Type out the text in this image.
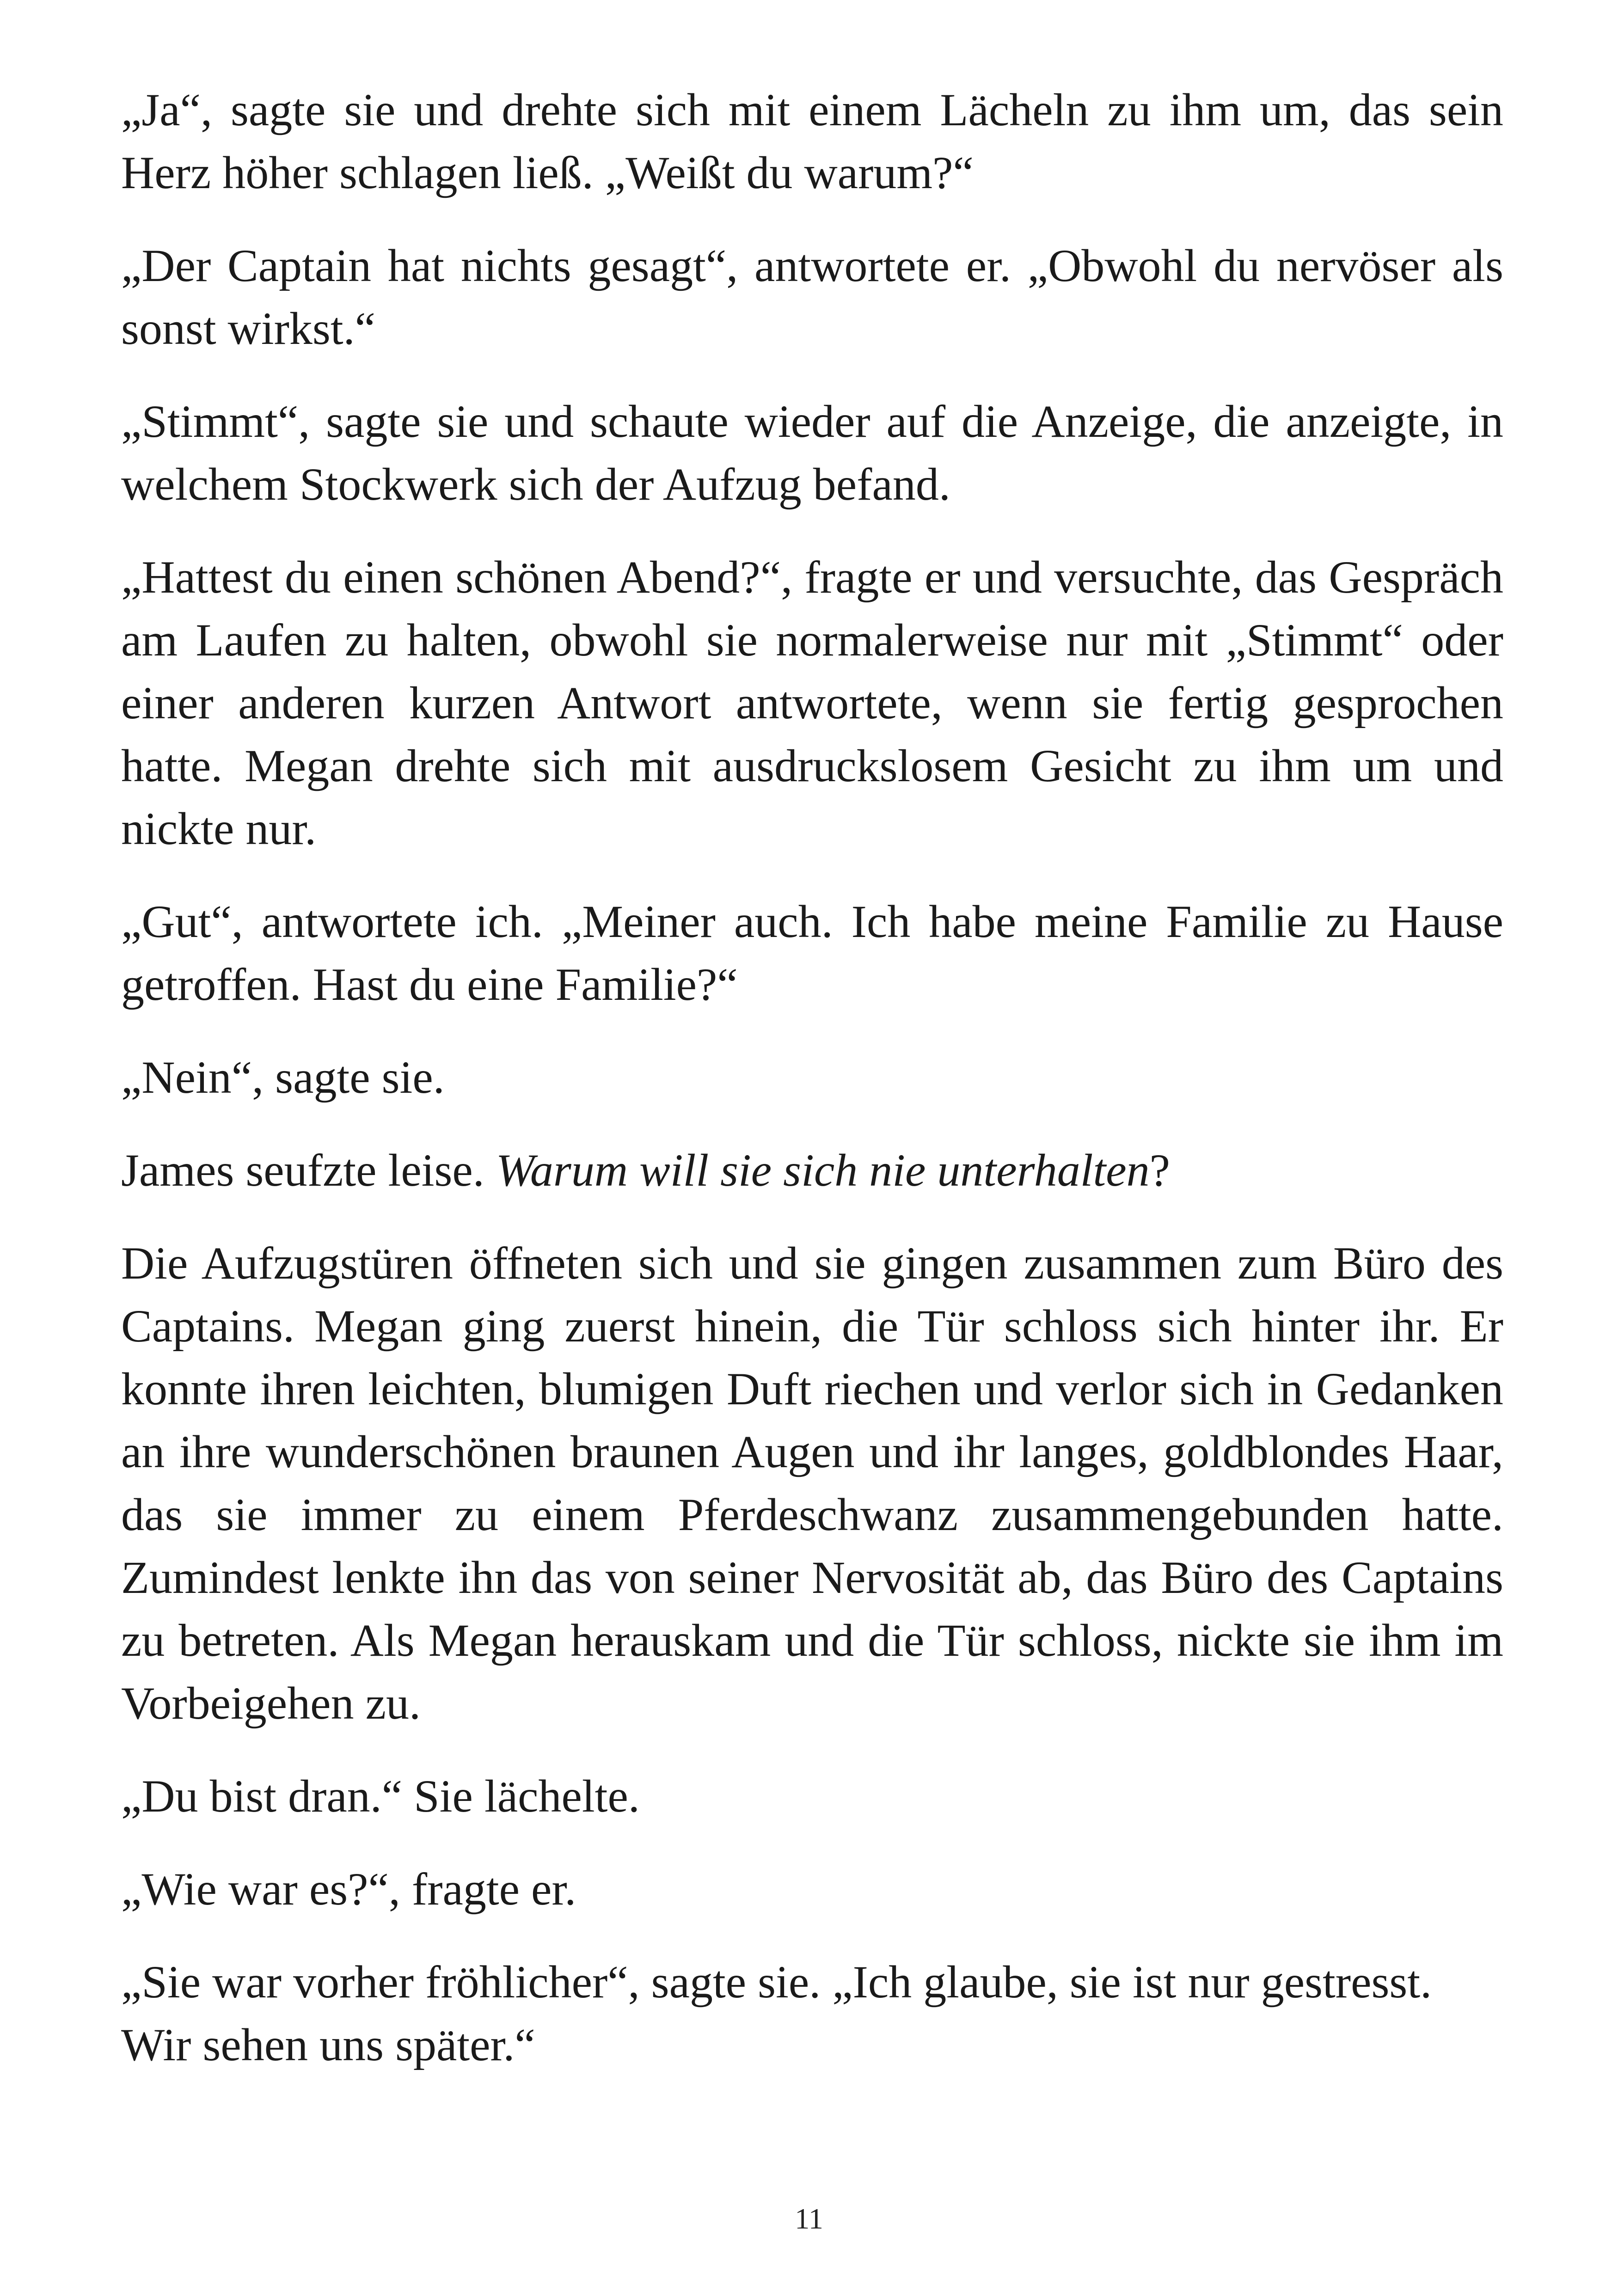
„Ja“, sagte sie und drehte sich mit einem Lächeln zu ihm um, das sein Herz höher schlagen ließ. „Weißt du warum?“

„Der Captain hat nichts gesagt“, antwortete er. „Obwohl du nervöser als sonst wirkst.“

„Stimmt“, sagte sie und schaute wieder auf die Anzeige, die anzeigte, in welchem Stockwerk sich der Aufzug befand.

„Hattest du einen schönen Abend?“, fragte er und versuchte, das Gespräch am Laufen zu halten, obwohl sie normalerweise nur mit „Stimmt“ oder einer anderen kurzen Antwort antwortete, wenn sie fertig gesprochen hatte. Megan drehte sich mit ausdruckslosem Gesicht zu ihm um und nickte nur.

„Gut“, antwortete ich. „Meiner auch. Ich habe meine Familie zu Hause getroffen. Hast du eine Familie?“

„Nein“, sagte sie.

James seufzte leise. Warum will sie sich nie unterhalten?

Die Aufzugstüren öffneten sich und sie gingen zusammen zum Büro des Captains. Megan ging zuerst hinein, die Tür schloss sich hinter ihr. Er konnte ihren leichten, blumigen Duft riechen und verlor sich in Gedanken an ihre wunderschönen braunen Augen und ihr langes, goldblondes Haar, das sie immer zu einem Pferdeschwanz zusammengebunden hatte. Zumindest lenkte ihn das von seiner Nervosität ab, das Büro des Captains zu betreten. Als Megan herauskam und die Tür schloss, nickte sie ihm im Vorbeigehen zu.

„Du bist dran.“ Sie lächelte.

„Wie war es?“, fragte er.

„Sie war vorher fröhlicher“, sagte sie. „Ich glaube, sie ist nur gestresst. Wir sehen uns später.“

11
